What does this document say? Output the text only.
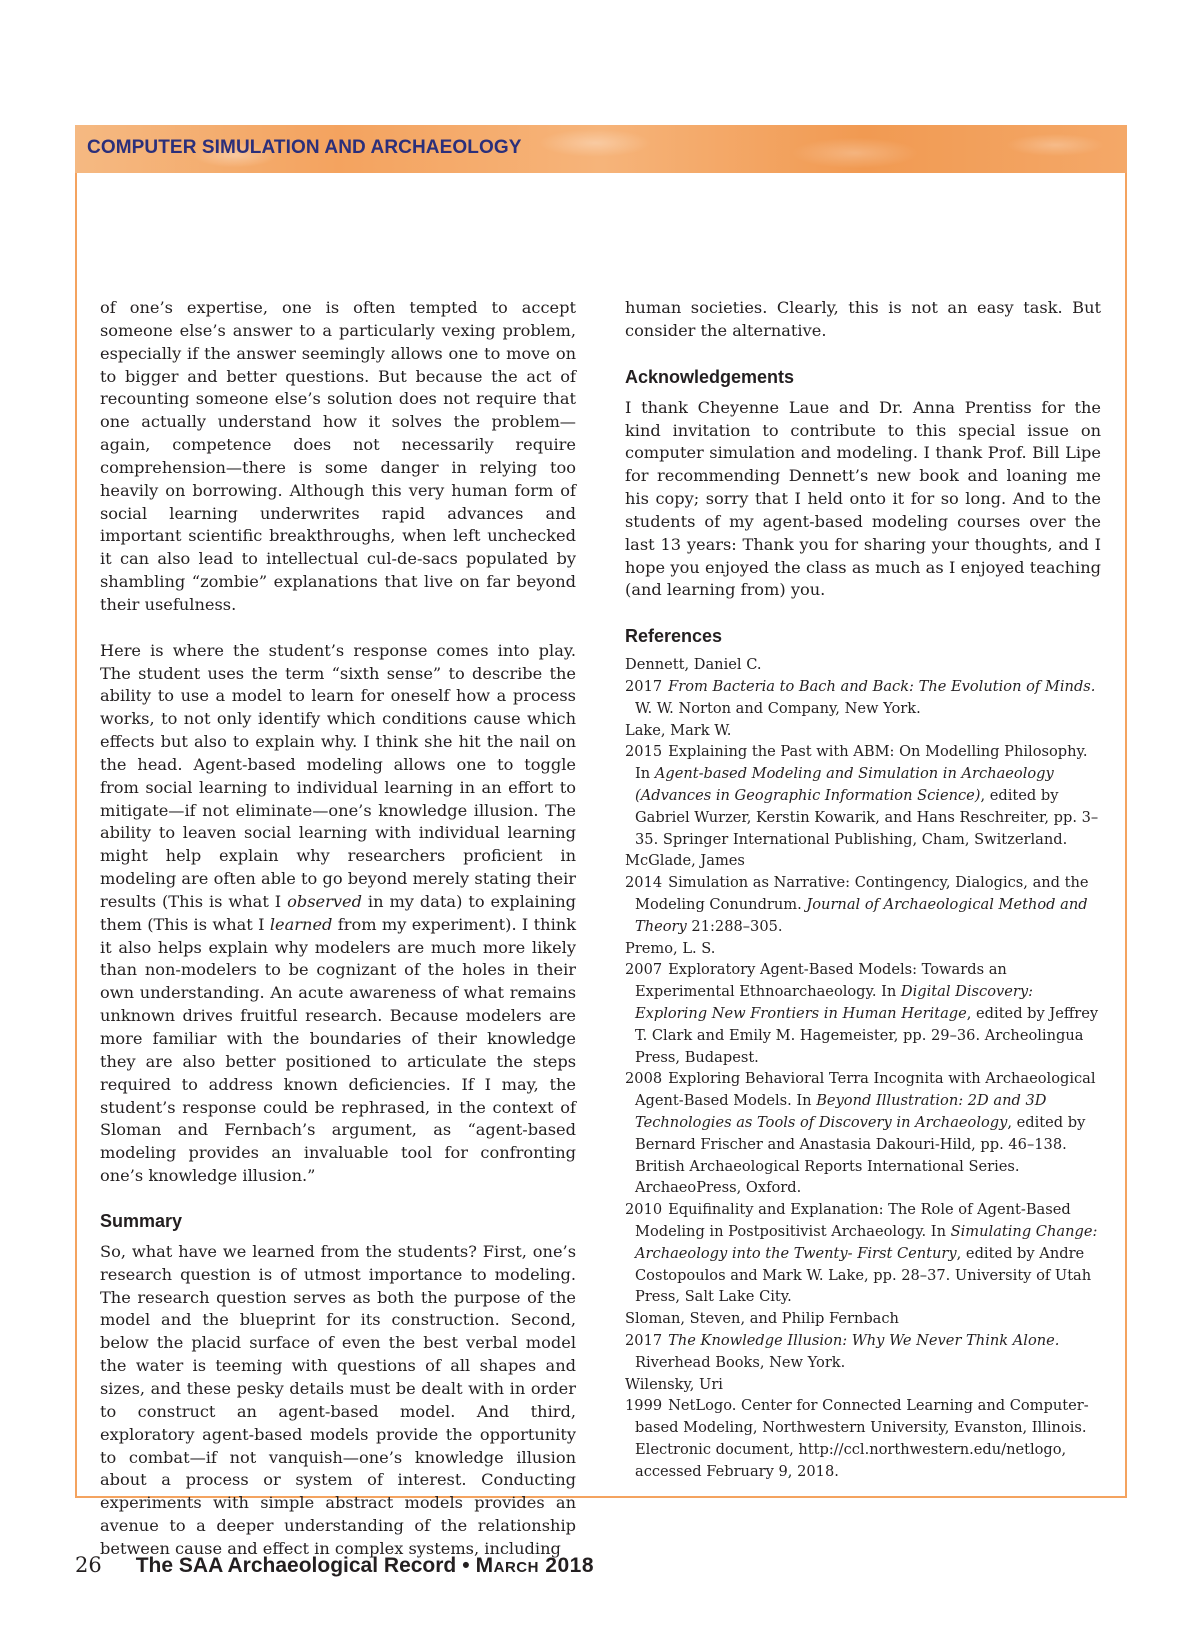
COMPUTER SIMULATION AND ARCHAEOLOGY

of one’s expertise, one is often tempted to accept someone else’s answer to a particularly vexing problem, especially if the answer seemingly allows one to move on to bigger and better questions. But because the act of recounting someone else’s solution does not require that one actually understand how it solves the problem—again, competence does not necessarily require comprehension—there is some danger in relying too heavily on borrowing. Although this very human form of social learning underwrites rapid advances and important scientific breakthroughs, when left unchecked it can also lead to intellectual cul-de-sacs populated by shambling “zombie” explanations that live on far beyond their usefulness.

Here is where the student’s response comes into play. The student uses the term “sixth sense” to describe the ability to use a model to learn for oneself how a process works, to not only identify which conditions cause which effects but also to explain why. I think she hit the nail on the head. Agent-based modeling allows one to toggle from social learning to individual learning in an effort to mitigate—if not eliminate—one’s knowledge illusion. The ability to leaven social learning with individual learning might help explain why researchers proficient in modeling are often able to go beyond merely stating their results (This is what I observed in my data) to explaining them (This is what I learned from my experiment). I think it also helps explain why modelers are much more likely than non-modelers to be cognizant of the holes in their own understanding. An acute awareness of what remains unknown drives fruitful research. Because modelers are more familiar with the boundaries of their knowledge they are also better positioned to articulate the steps required to address known deficiencies. If I may, the student’s response could be rephrased, in the context of Sloman and Fernbach’s argument, as “agent-based modeling provides an invaluable tool for confronting one’s knowledge illusion.”

Summary

So, what have we learned from the students? First, one’s research question is of utmost importance to modeling. The research question serves as both the purpose of the model and the blueprint for its construction. Second, below the placid surface of even the best verbal model the water is teeming with questions of all shapes and sizes, and these pesky details must be dealt with in order to construct an agent-based model. And third, exploratory agent-based models provide the opportunity to combat—if not vanquish—one’s knowledge illusion about a process or system of interest. Conducting experiments with simple abstract models provides an avenue to a deeper understanding of the relationship between cause and effect in complex systems, including

human societies. Clearly, this is not an easy task. But consider the alternative.

Acknowledgements

I thank Cheyenne Laue and Dr. Anna Prentiss for the kind invitation to contribute to this special issue on computer simulation and modeling. I thank Prof. Bill Lipe for recommending Dennett’s new book and loaning me his copy; sorry that I held onto it for so long. And to the students of my agent-based modeling courses over the last 13 years: Thank you for sharing your thoughts, and I hope you enjoyed the class as much as I enjoyed teaching (and learning from) you.

References

Dennett, Daniel C.

2017 From Bacteria to Bach and Back: The Evolution of Minds. W. W. Norton and Company, New York.

Lake, Mark W.

2015 Explaining the Past with ABM: On Modelling Philosophy. In Agent-based Modeling and Simulation in Archaeology (Advances in Geographic Information Science), edited by Gabriel Wurzer, Kerstin Kowarik, and Hans Reschreiter, pp. 3–35. Springer International Publishing, Cham, Switzerland.

McGlade, James

2014 Simulation as Narrative: Contingency, Dialogics, and the Modeling Conundrum. Journal of Archaeological Method and Theory 21:288–305.

Premo, L. S.

2007 Exploratory Agent-Based Models: Towards an Experimental Ethnoarchaeology. In Digital Discovery: Exploring New Frontiers in Human Heritage, edited by Jeffrey T. Clark and Emily M. Hagemeister, pp. 29–36. Archeolingua Press, Budapest.

2008 Exploring Behavioral Terra Incognita with Archaeological Agent-Based Models. In Beyond Illustration: 2D and 3D Technologies as Tools of Discovery in Archaeology, edited by Bernard Frischer and Anastasia Dakouri-Hild, pp. 46–138. British Archaeological Reports International Series. ArchaeoPress, Oxford.

2010 Equifinality and Explanation: The Role of Agent-Based Modeling in Postpositivist Archaeology. In Simulating Change: Archaeology into the Twenty- First Century, edited by Andre Costopoulos and Mark W. Lake, pp. 28–37. University of Utah Press, Salt Lake City.

Sloman, Steven, and Philip Fernbach

2017 The Knowledge Illusion: Why We Never Think Alone. Riverhead Books, New York.

Wilensky, Uri

1999 NetLogo. Center for Connected Learning and Computer-based Modeling, Northwestern University, Evanston, Illinois. Electronic document, http://ccl.northwestern.edu/netlogo, accessed February 9, 2018.

26 The SAA Archaeological Record • March 2018
